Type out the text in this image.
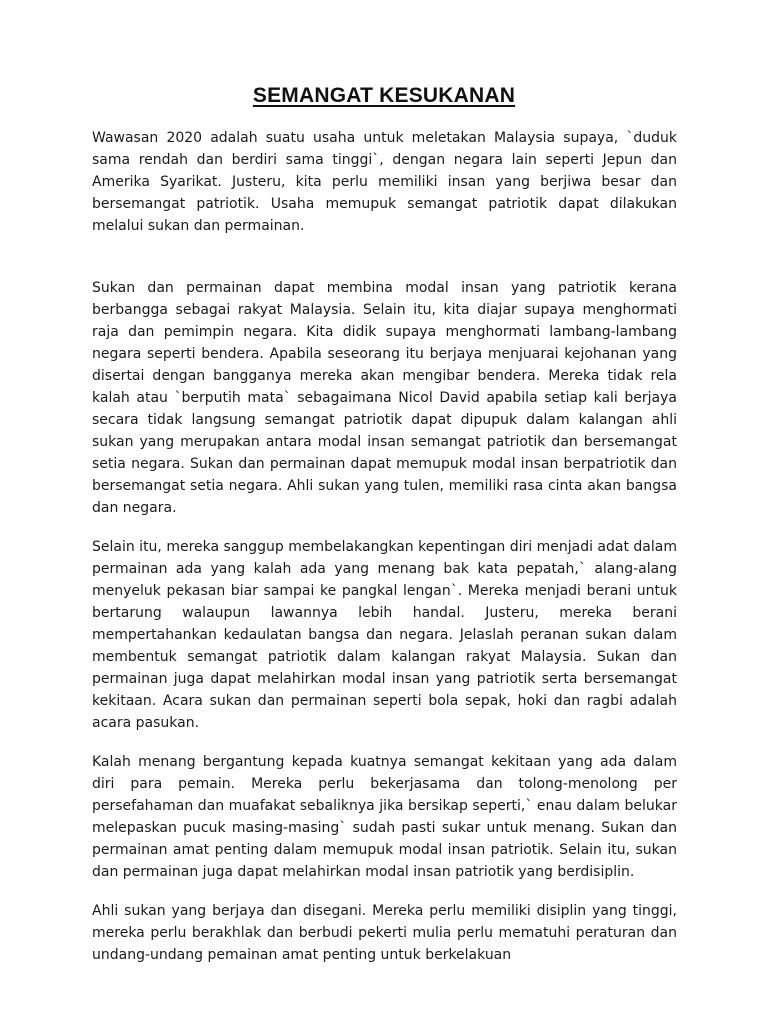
SEMANGAT KESUKANAN

Wawasan 2020 adalah suatu usaha untuk meletakan Malaysia supaya, `duduk sama rendah dan berdiri sama tinggi`, dengan negara lain seperti Jepun dan Amerika Syarikat. Justeru, kita perlu memiliki insan yang berjiwa besar dan bersemangat patriotik. Usaha memupuk semangat patriotik dapat dilakukan melalui sukan dan permainan.

Sukan dan permainan dapat membina modal insan yang patriotik kerana berbangga sebagai rakyat Malaysia. Selain itu, kita diajar supaya menghormati raja dan pemimpin negara. Kita didik supaya menghormati lambang-lambang negara seperti bendera. Apabila seseorang itu berjaya menjuarai kejohanan yang disertai dengan bangganya mereka akan mengibar bendera. Mereka tidak rela kalah atau `berputih mata` sebagaimana Nicol David apabila setiap kali berjaya secara tidak langsung semangat patriotik dapat dipupuk dalam kalangan ahli sukan yang merupakan antara modal insan semangat patriotik dan bersemangat setia negara. Sukan dan permainan dapat memupuk modal insan berpatriotik dan bersemangat setia negara. Ahli sukan yang tulen, memiliki rasa cinta akan bangsa dan negara.

Selain itu, mereka sanggup membelakangkan kepentingan diri menjadi adat dalam permainan ada yang kalah ada yang menang bak kata pepatah,` alang-alang menyeluk pekasan biar sampai ke pangkal lengan`. Mereka menjadi berani untuk bertarung walaupun lawannya lebih handal. Justeru, mereka berani mempertahankan kedaulatan bangsa dan negara. Jelaslah peranan sukan dalam membentuk semangat patriotik dalam kalangan rakyat Malaysia. Sukan dan permainan juga dapat melahirkan modal insan yang patriotik serta bersemangat kekitaan. Acara sukan dan permainan seperti bola sepak, hoki dan ragbi adalah acara pasukan.

Kalah menang bergantung kepada kuatnya semangat kekitaan yang ada dalam diri para pemain. Mereka perlu bekerjasama dan tolong-menolong per persefahaman dan muafakat sebaliknya jika bersikap seperti,` enau dalam belukar melepaskan pucuk masing-masing` sudah pasti sukar untuk menang. Sukan dan permainan amat penting dalam memupuk modal insan patriotik. Selain itu, sukan dan permainan juga dapat melahirkan modal insan patriotik yang berdisiplin.

Ahli sukan yang berjaya dan disegani. Mereka perlu memiliki disiplin yang tinggi, mereka perlu berakhlak dan berbudi pekerti mulia perlu mematuhi peraturan dan undang-undang pemainan amat penting untuk berkelakuan
